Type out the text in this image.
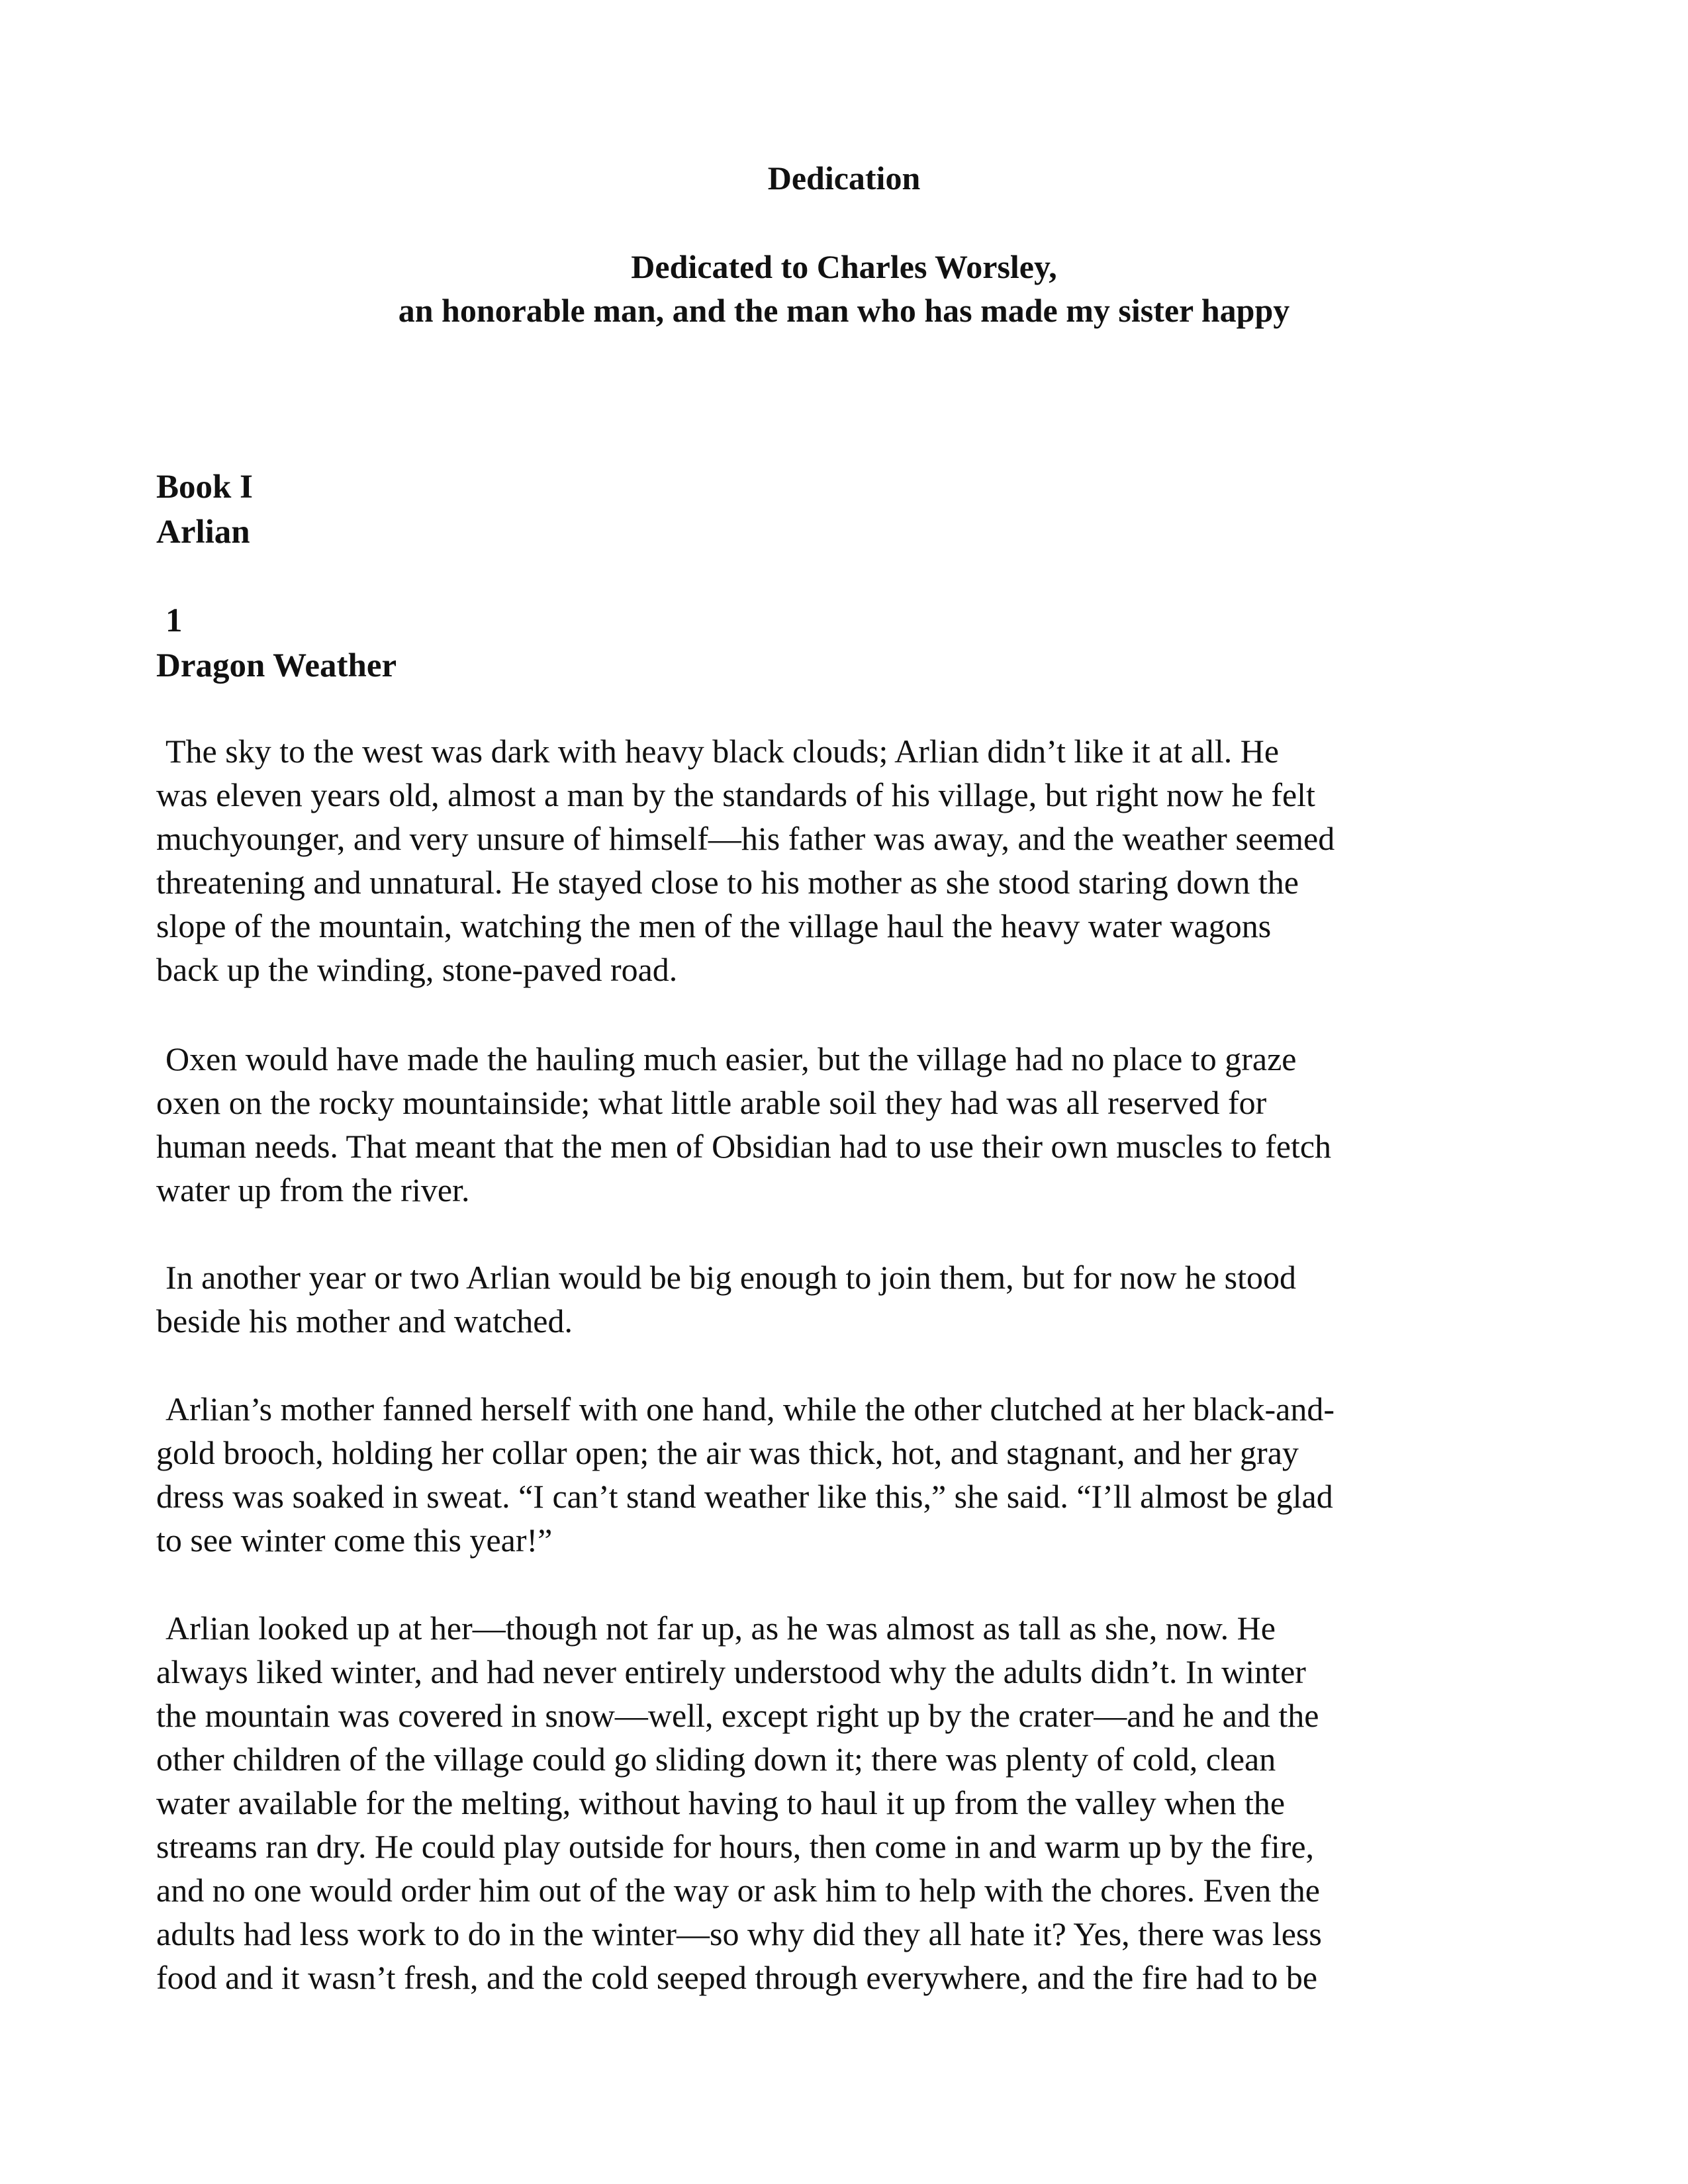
Dedication
Dedicated to Charles Worsley,
an honorable man, and the man who has made my sister happy
Book I
Arlian
1
Dragon Weather
The sky to the west was dark with heavy black clouds; Arlian didn’t like it at all. He
was eleven years old, almost a man by the standards of his village, but right now he felt
muchyounger, and very unsure of himself—his father was away, and the weather seemed
threatening and unnatural. He stayed close to his mother as she stood staring down the
slope of the mountain, watching the men of the village haul the heavy water wagons
back up the winding, stone-paved road.
Oxen would have made the hauling much easier, but the village had no place to graze
oxen on the rocky mountainside; what little arable soil they had was all reserved for
human needs. That meant that the men of Obsidian had to use their own muscles to fetch
water up from the river.
In another year or two Arlian would be big enough to join them, but for now he stood
beside his mother and watched.
Arlian’s mother fanned herself with one hand, while the other clutched at her black-and-
gold brooch, holding her collar open; the air was thick, hot, and stagnant, and her gray
dress was soaked in sweat. “I can’t stand weather like this,” she said. “I’ll almost be glad
to see winter come this year!”
Arlian looked up at her—though not far up, as he was almost as tall as she, now. He
always liked winter, and had never entirely understood why the adults didn’t. In winter
the mountain was covered in snow—well, except right up by the crater—and he and the
other children of the village could go sliding down it; there was plenty of cold, clean
water available for the melting, without having to haul it up from the valley when the
streams ran dry. He could play outside for hours, then come in and warm up by the fire,
and no one would order him out of the way or ask him to help with the chores. Even the
adults had less work to do in the winter—so why did they all hate it? Yes, there was less
food and it wasn’t fresh, and the cold seeped through everywhere, and the fire had to be
